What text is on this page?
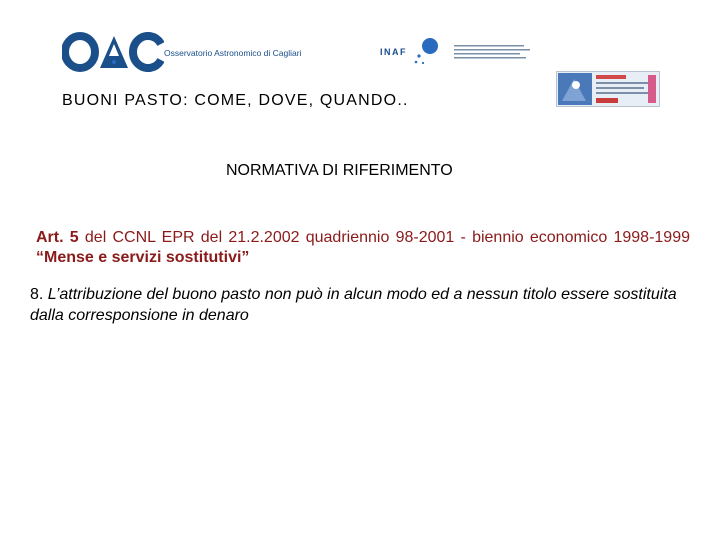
Osservatorio Astronomico di Cagliari	INAF
BUONI PASTO: COME, DOVE, QUANDO..
NORMATIVA DI RIFERIMENTO
Art. 5 del CCNL EPR del 21.2.2002 quadriennio 98-2001 - biennio economico 1998-1999 “Mense e servizi sostitutivi”
8. L’attribuzione del buono pasto non può in alcun modo ed a nessun titolo essere sostituita dalla corresponsione in denaro
